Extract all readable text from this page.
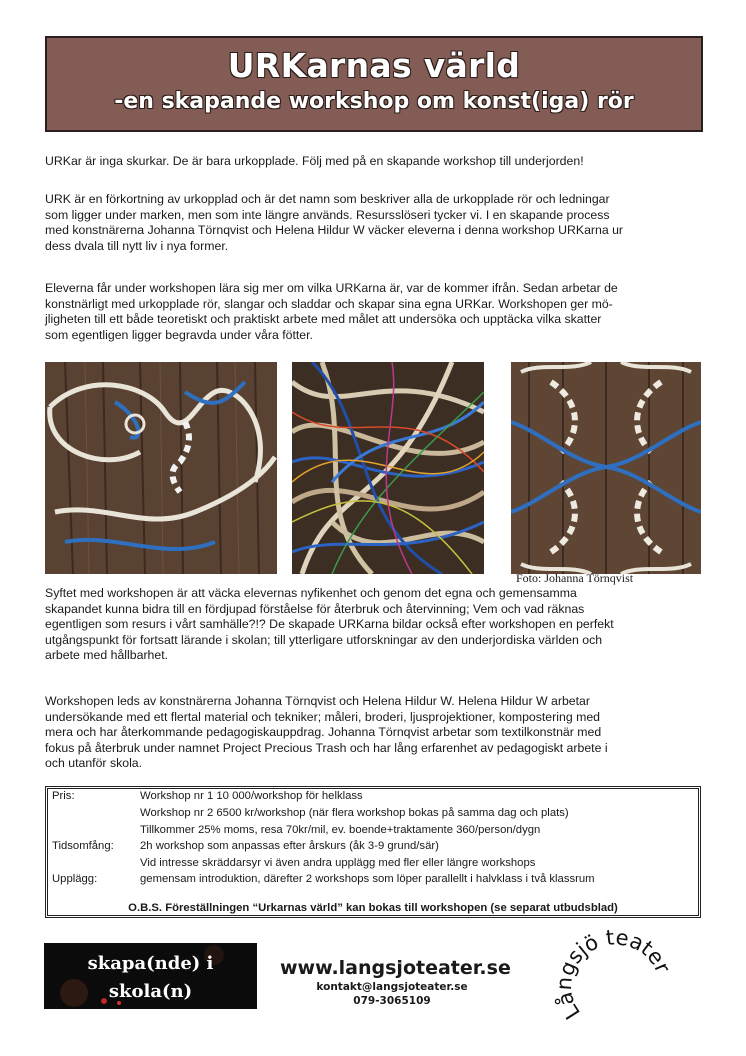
URKarnas värld
-en skapande workshop om konst(iga) rör

URKar är inga skurkar. De är bara urkopplade. Följ med på en skapande workshop till underjorden!

URK är en förkortning av urkopplad och är det namn som beskriver alla de urkopplade rör och ledningar
som ligger under marken, men som inte längre används. Resursslöseri tycker vi. I en skapande process
med konstnärerna Johanna Törnqvist och Helena Hildur W väcker eleverna i denna workshop URKarna ur
dess dvala till nytt liv i nya former.

Eleverna får under workshopen lära sig mer om vilka URKarna är, var de kommer ifrån. Sedan arbetar de
konstnärligt med urkopplade rör, slangar och sladdar och skapar sina egna URKar. Workshopen ger mö-
jligheten till ett både teoretiskt och praktiskt arbete med målet att undersöka och upptäcka vilka skatter
som egentligen ligger begravda under våra fötter.

Foto: Johanna Törnqvist

Syftet med workshopen är att väcka elevernas nyfikenhet och genom det egna och gemensamma
skapandet kunna bidra till en fördjupad förståelse för återbruk och återvinning; Vem och vad räknas
egentligen som resurs i vårt samhälle?!? De skapade URKarna bildar också efter workshopen en perfekt
utgångspunkt för fortsatt lärande i skolan; till ytterligare utforskningar av den underjordiska världen och
arbete med hållbarhet.

Workshopen leds av konstnärerna Johanna Törnqvist och Helena Hildur W. Helena Hildur W arbetar
undersökande med ett flertal material och tekniker; måleri, broderi, ljusprojektioner, kompostering med
mera och har återkommande pedagogiskauppdrag. Johanna Törnqvist arbetar som textilkonstnär med
fokus på återbruk under namnet Project Precious Trash och har lång erfarenhet av pedagogiskt arbete i
och utanför skola.

Pris:	Workshop nr 1 10 000/workshop för helklass
Workshop nr 2 6500 kr/workshop (när flera workshop bokas på samma dag och plats)
Tillkommer 25% moms, resa 70kr/mil, ev. boende+traktamente 360/person/dygn
Tidsomfång: 2h workshop som anpassas efter årskurs (åk 3-9 grund/sär)
Vid intresse skräddarsyr vi även andra upplägg med fler eller längre workshops
Upplägg:	gemensam introduktion, därefter 2 workshops som löper parallellt i halvklass i två klassrum
O.B.S. Föreställningen “Urkarnas värld” kan bokas till workshopen (se separat utbudsblad)
skapa(nde) i
skola(n)
www.langsjoteater.se
kontakt@langsjoteater.se
079-3065109	Långsjö teater
